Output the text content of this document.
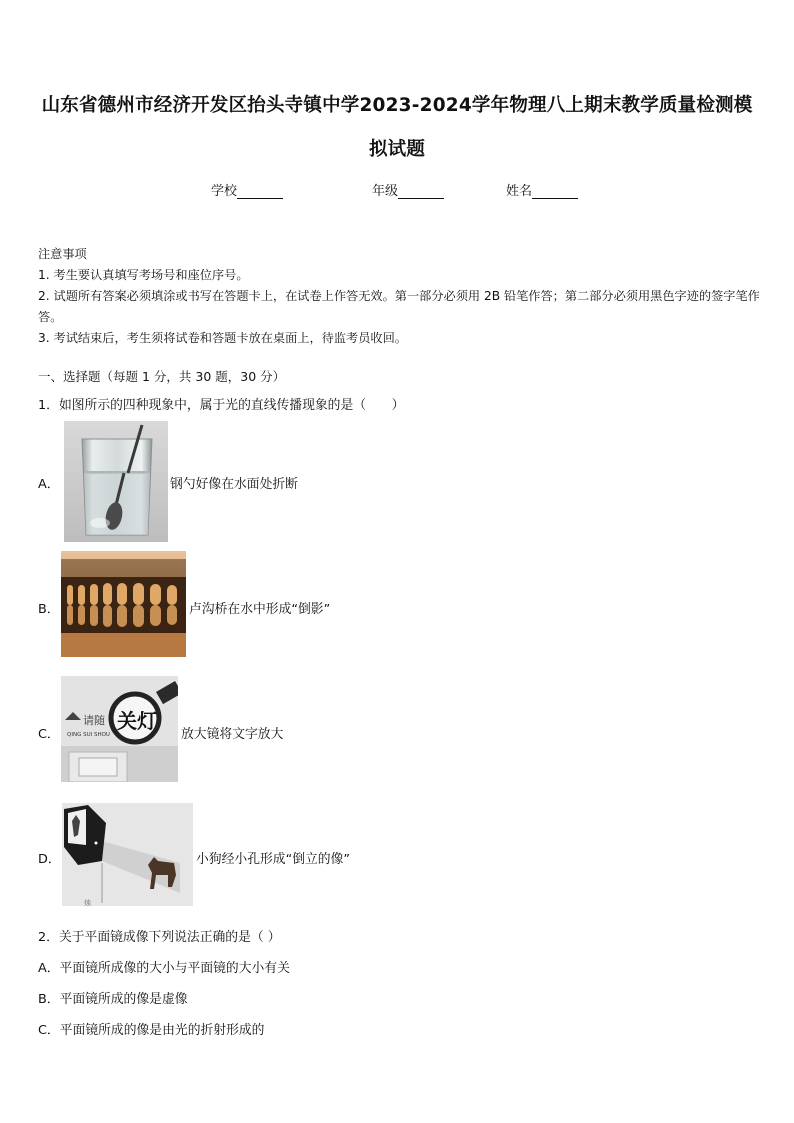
山东省德州市经济开发区抬头寺镇中学2023-2024学年物理八上期末教学质量检测模
拟试题
学校	年级	姓名

注意事项

1. 考生要认真填写考场号和座位序号。

2. 试题所有答案必须填涂或书写在答题卡上，在试卷上作答无效。第一部分必须用 2B 铅笔作答；第二部分必须用黑色字迹的签字笔作答。

3. 考试结束后，考生须将试卷和答题卡放在桌面上，待监考员收回。

一、选择题（每题 1 分，共 30 题，30 分）
1．如图所示的四种现象中，属于光的直线传播现象的是（　　）
A．	钢勺好像在水面处折断
B．	卢沟桥在水中形成“倒影”
C．
请随
QING SUI SHOU
关灯
放大镜将文字放大
D．
烛
小狗经小孔形成“倒立的像”
2．关于平面镜成像下列说法正确的是（ ）
A．平面镜所成像的大小与平面镜的大小有关
B．平面镜所成的像是虚像
C．平面镜所成的像是由光的折射形成的
